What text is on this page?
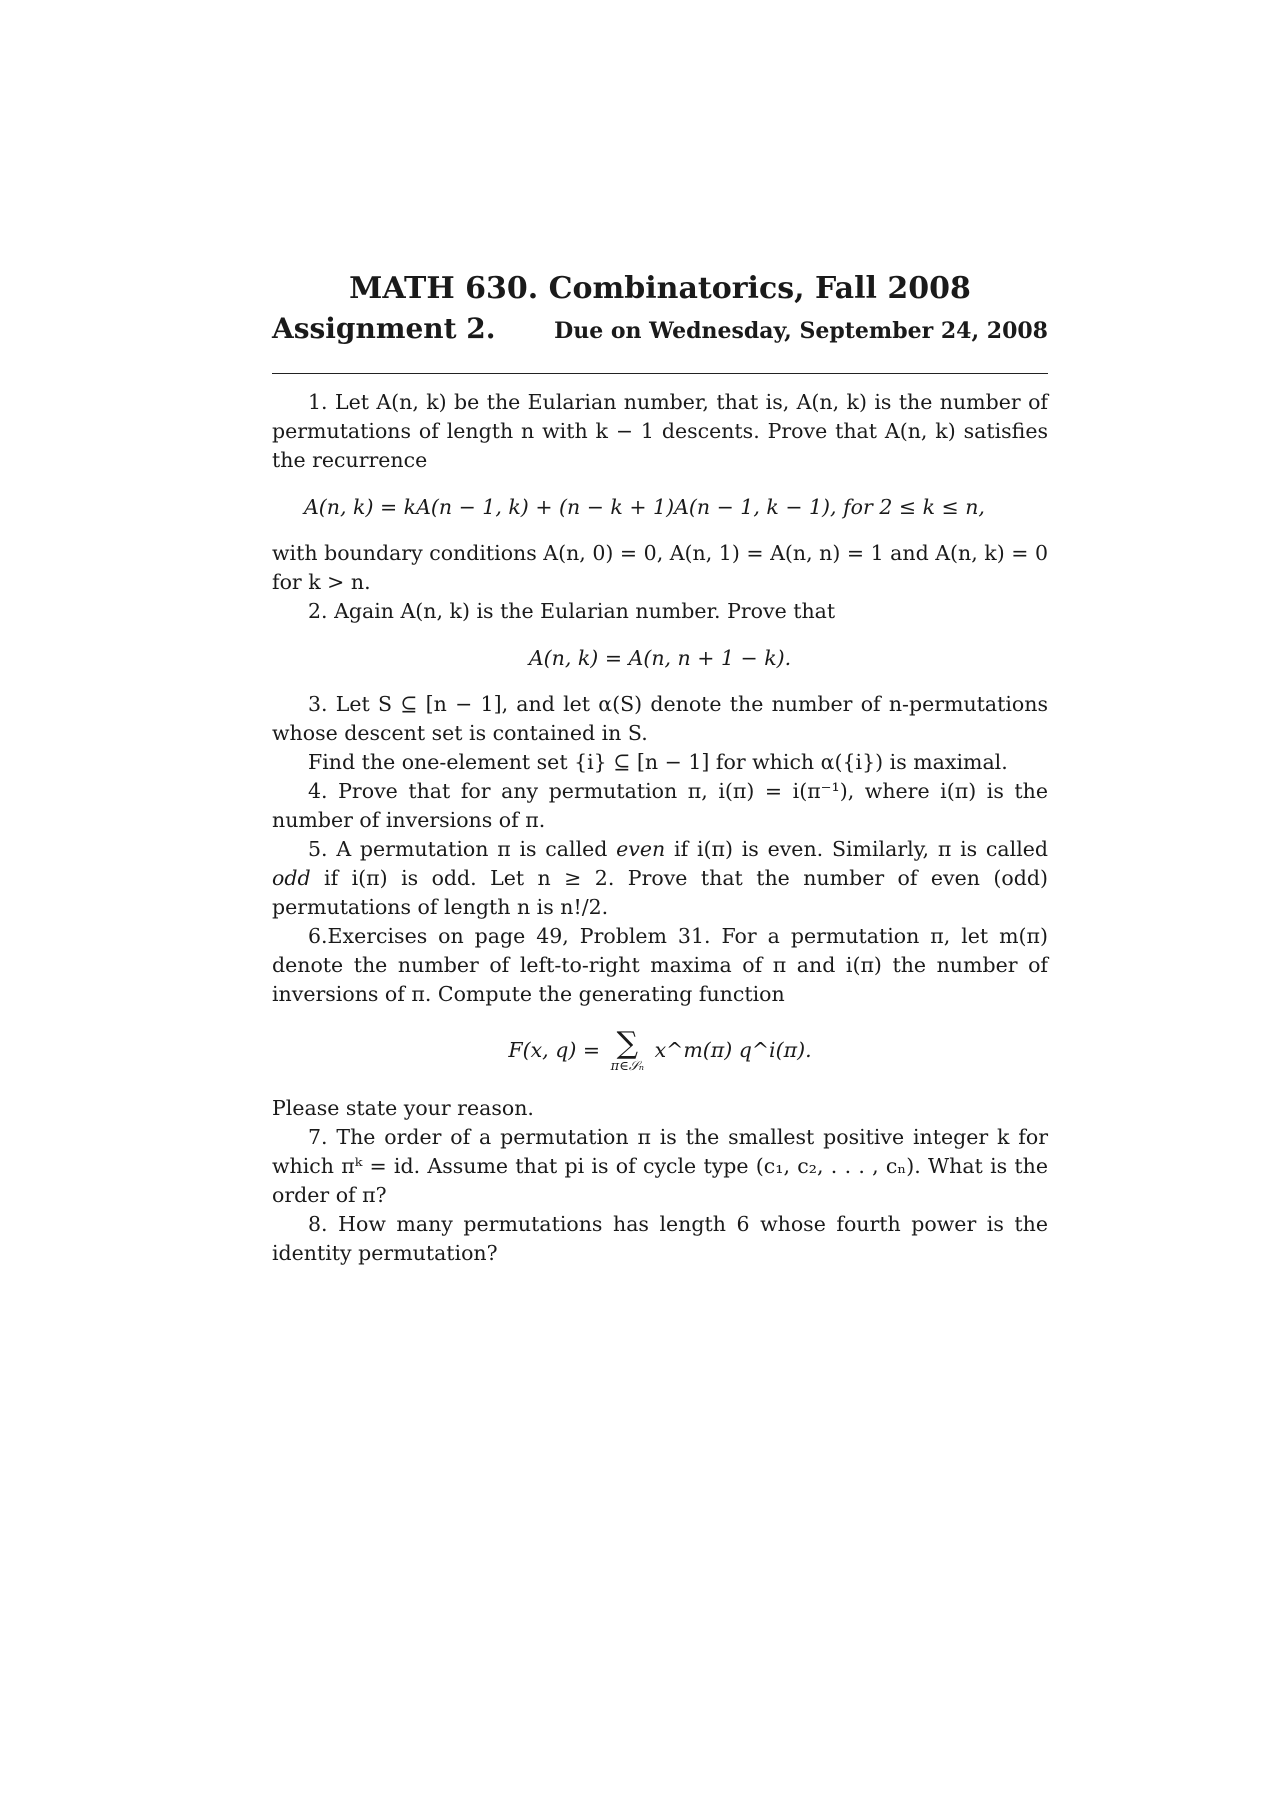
MATH 630. Combinatorics, Fall 2008
Assignment 2.	Due on Wednesday, September 24, 2008

1. Let A(n, k) be the Eularian number, that is, A(n, k) is the number of permutations of length n with k − 1 descents. Prove that A(n, k) satisfies the recurrence

A(n, k) = kA(n − 1, k) + (n − k + 1)A(n − 1, k − 1), for 2 ≤ k ≤ n,

with boundary conditions A(n, 0) = 0, A(n, 1) = A(n, n) = 1 and A(n, k) = 0 for k > n.

2. Again A(n, k) is the Eularian number. Prove that

A(n, k) = A(n, n + 1 − k).

3. Let S ⊆ [n − 1], and let α(S) denote the number of n-permutations whose descent set is contained in S.

Find the one-element set {i} ⊆ [n − 1] for which α({i}) is maximal.

4. Prove that for any permutation π, i(π) = i(π⁻¹), where i(π) is the number of inversions of π.

5. A permutation π is called even if i(π) is even. Similarly, π is called odd if i(π) is odd. Let n ≥ 2. Prove that the number of even (odd) permutations of length n is n!/2.

6.Exercises on page 49, Problem 31. For a permutation π, let m(π) denote the number of left-to-right maxima of π and i(π) the number of inversions of π. Compute the generating function

F(x, q) = ∑
π∈𝒮ₙ
x^m(π) q^i(π).

Please state your reason.

7. The order of a permutation π is the smallest positive integer k for which πᵏ = id. Assume that pi is of cycle type (c₁, c₂, . . . , cₙ). What is the order of π?

8. How many permutations has length 6 whose fourth power is the identity permutation?
